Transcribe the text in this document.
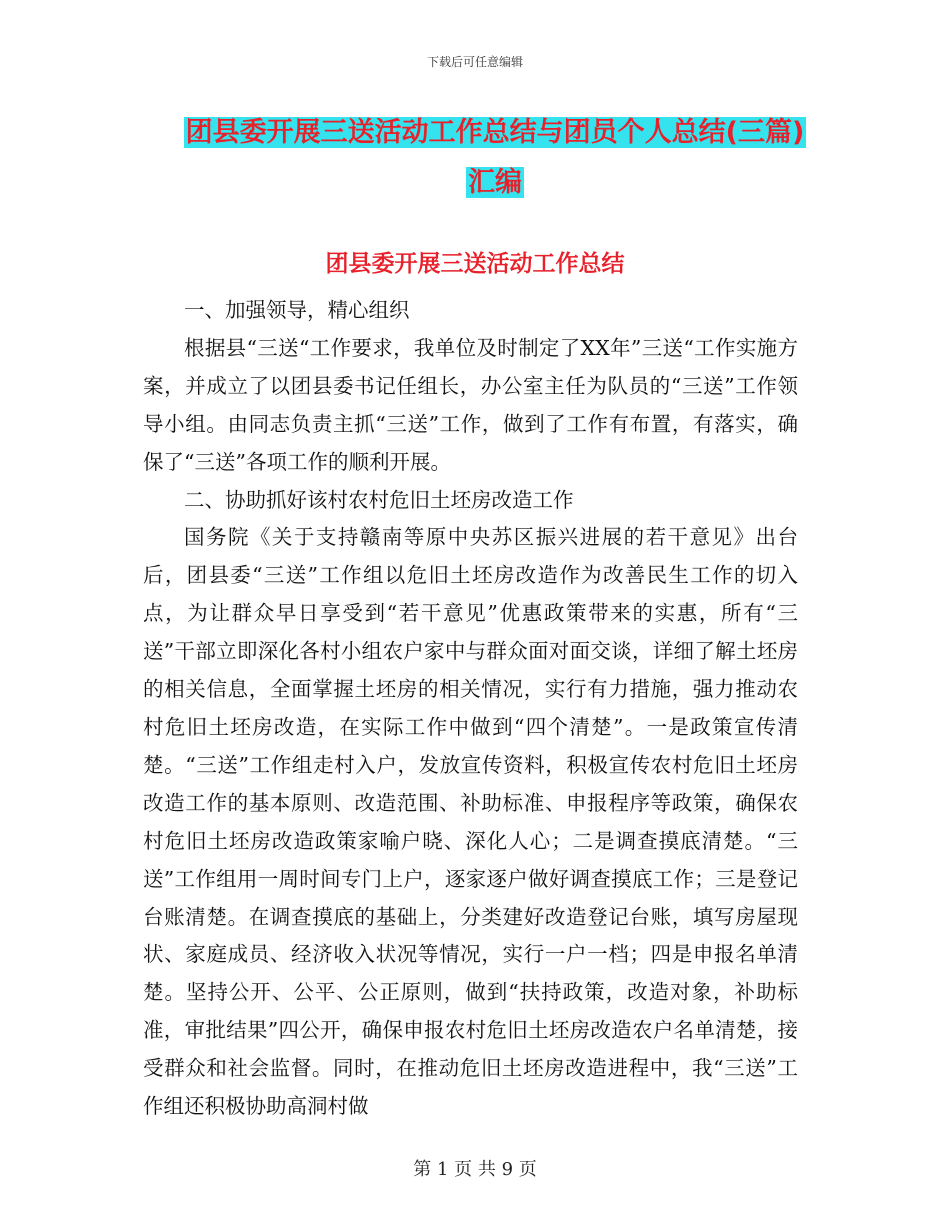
下载后可任意编辑
团县委开展三送活动工作总结与团员个人总结(三篇)
汇编
团县委开展三送活动工作总结

一、加强领导，精心组织

根据县“三送“工作要求，我单位及时制定了XX年”三送“工作实施方案，并成立了以团县委书记任组长，办公室主任为队员的“三送”工作领导小组。由同志负责主抓“三送”工作，做到了工作有布置，有落实，确保了“三送”各项工作的顺利开展。

二、协助抓好该村农村危旧土坯房改造工作

国务院《关于支持赣南等原中央苏区振兴进展的若干意见》出台后，团县委“三送”工作组以危旧土坯房改造作为改善民生工作的切入点，为让群众早日享受到“若干意见”优惠政策带来的实惠，所有“三送”干部立即深化各村小组农户家中与群众面对面交谈，详细了解土坯房的相关信息，全面掌握土坯房的相关情况，实行有力措施，强力推动农村危旧土坯房改造，在实际工作中做到“四个清楚”。一是政策宣传清楚。“三送”工作组走村入户，发放宣传资料，积极宣传农村危旧土坯房改造工作的基本原则、改造范围、补助标准、申报程序等政策，确保农村危旧土坯房改造政策家喻户晓、深化人心；二是调查摸底清楚。“三送”工作组用一周时间专门上户，逐家逐户做好调查摸底工作；三是登记台账清楚。在调查摸底的基础上，分类建好改造登记台账，填写房屋现状、家庭成员、经济收入状况等情况，实行一户一档；四是申报名单清楚。坚持公开、公平、公正原则，做到“扶持政策，改造对象，补助标准，审批结果”四公开，确保申报农村危旧土坯房改造农户名单清楚，接受群众和社会监督。同时，在推动危旧土坯房改造进程中，我“三送”工作组还积极协助高洞村做

第 1 页 共 9 页
